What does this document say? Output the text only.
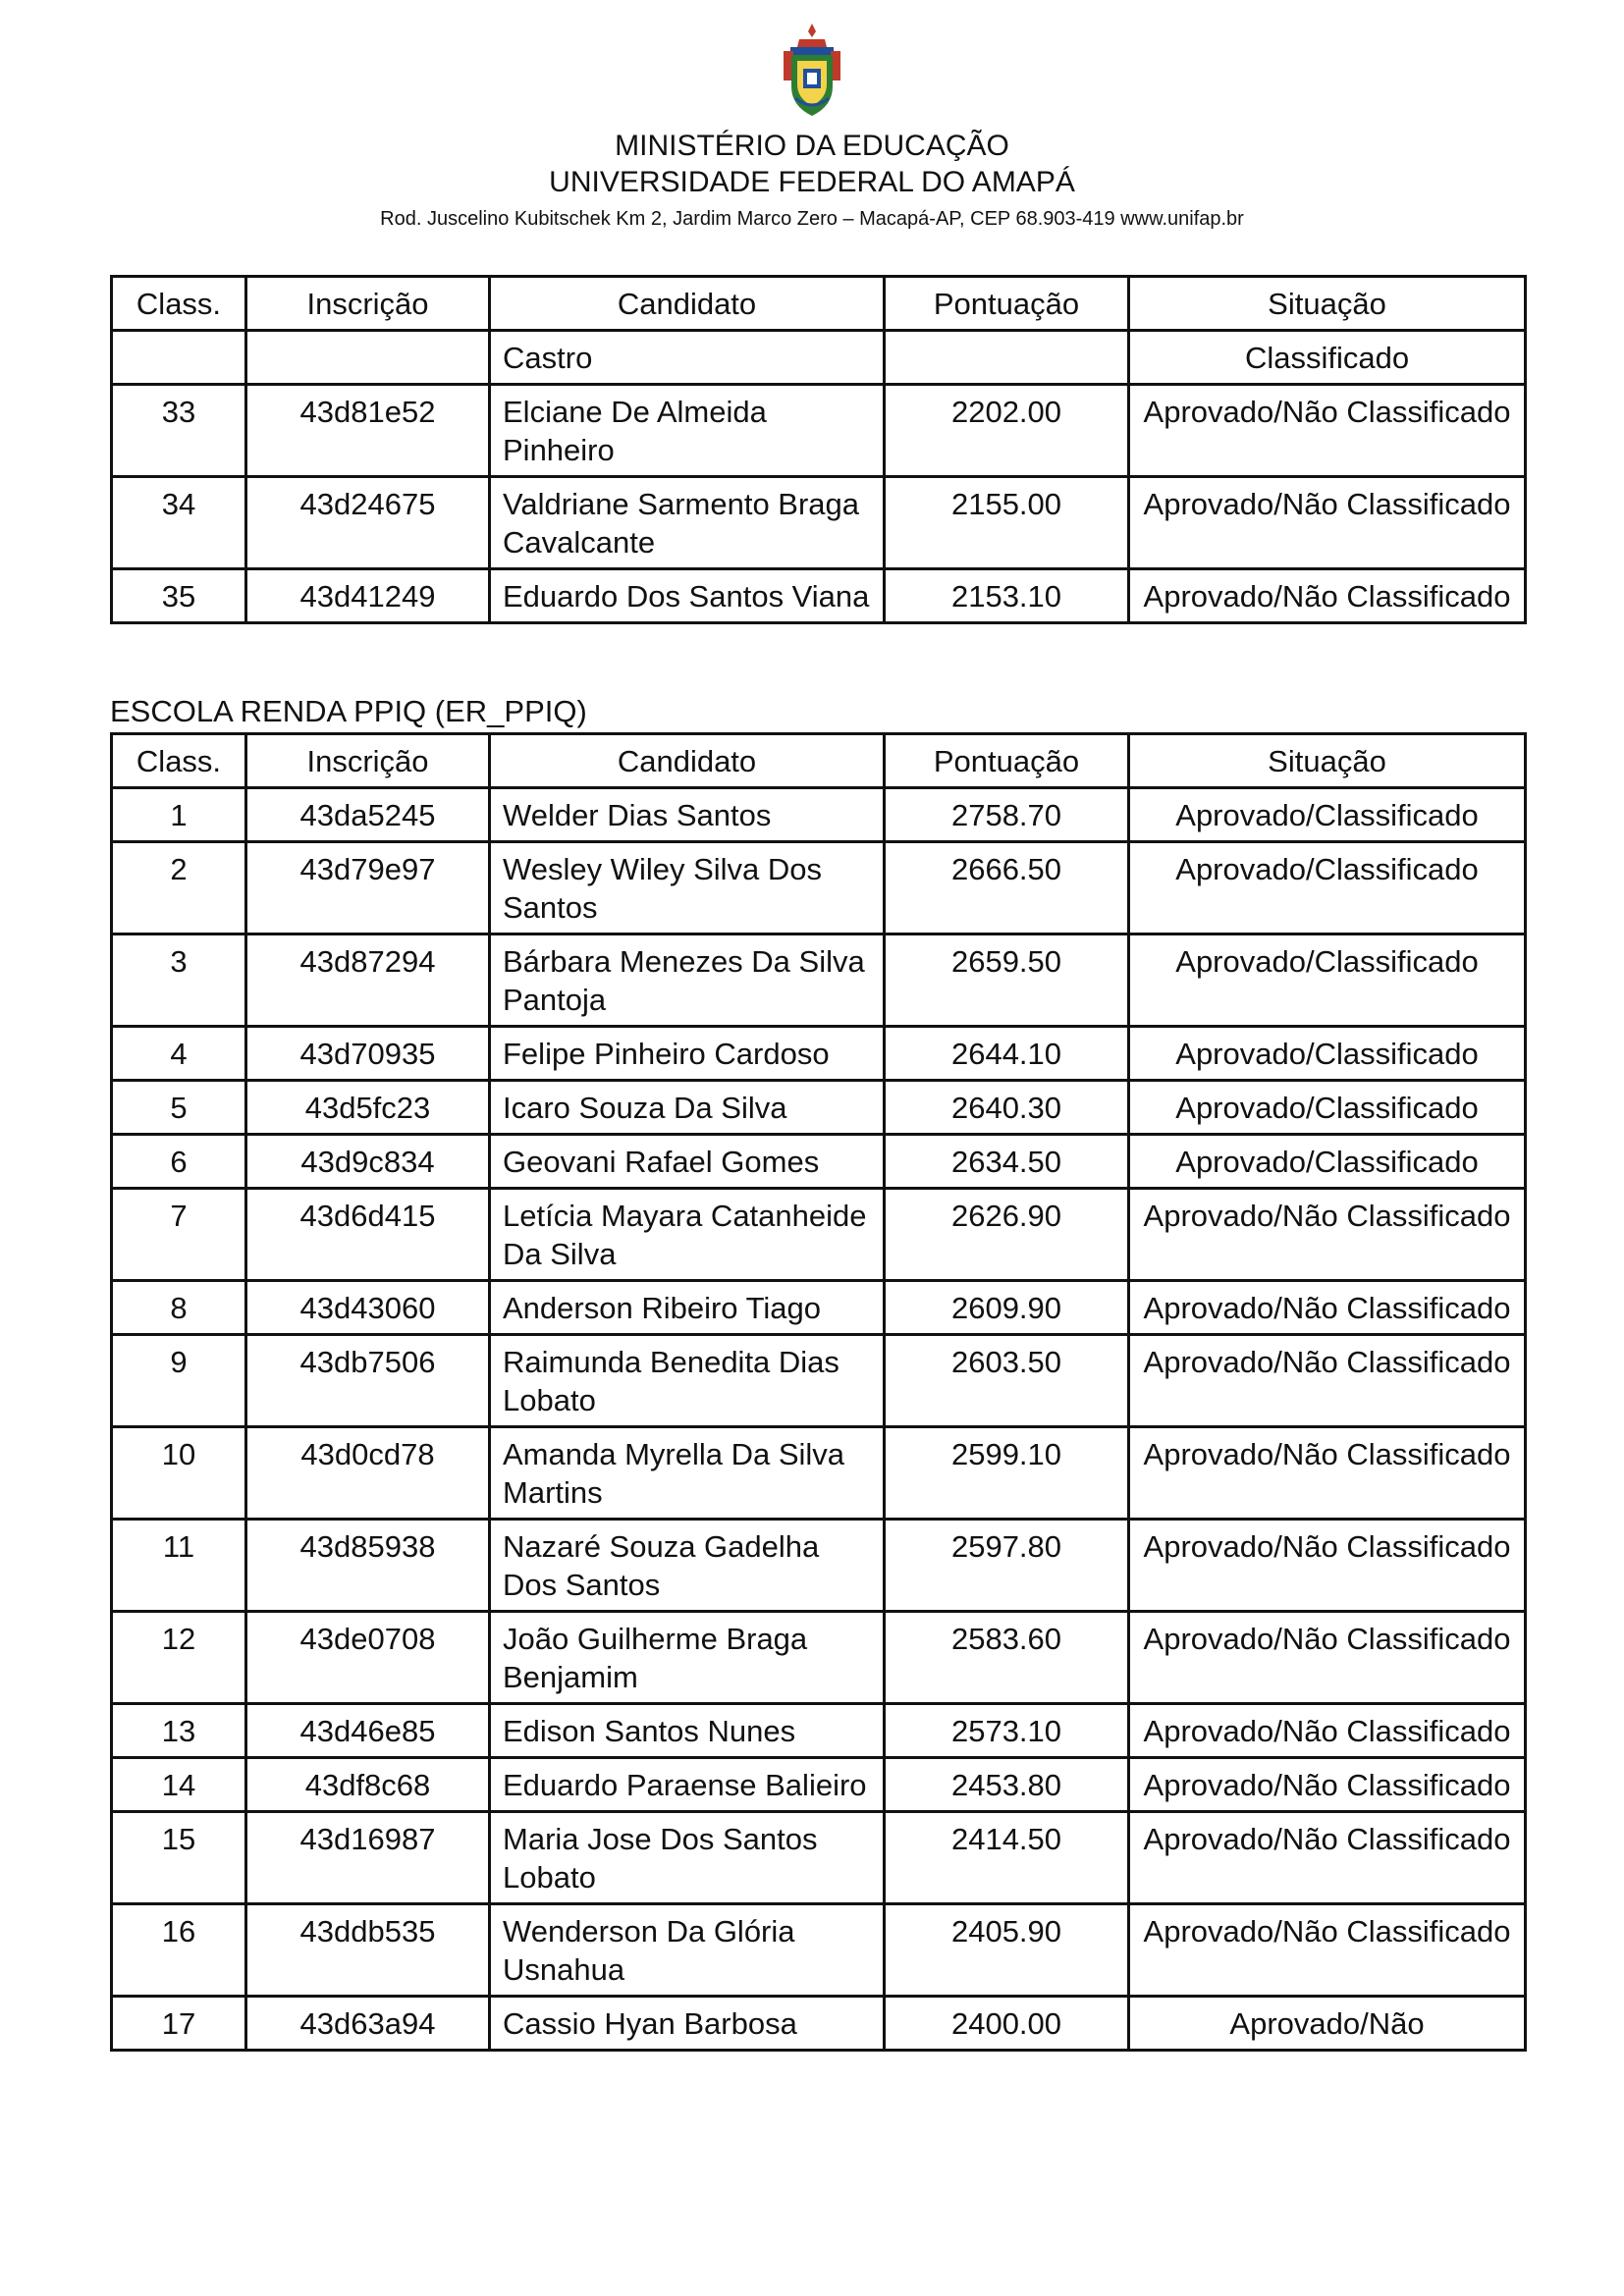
MINISTÉRIO DA EDUCAÇÃO
UNIVERSIDADE FEDERAL DO AMAPÁ
Rod. Juscelino Kubitschek Km 2, Jardim Marco Zero – Macapá-AP, CEP 68.903-419 www.unifap.br
Class.	Inscrição	Candidato	Pontuação	Situação
		Castro		Classificado
33	43d81e52	Elciane De Almeida Pinheiro	2202.00	Aprovado/Não Classificado
34	43d24675	Valdriane Sarmento Braga Cavalcante	2155.00	Aprovado/Não Classificado
35	43d41249	Eduardo Dos Santos Viana	2153.10	Aprovado/Não Classificado
ESCOLA RENDA PPIQ (ER_PPIQ)
Class.	Inscrição	Candidato	Pontuação	Situação
1	43da5245	Welder Dias Santos	2758.70	Aprovado/Classificado
2	43d79e97	Wesley Wiley Silva Dos Santos	2666.50	Aprovado/Classificado
3	43d87294	Bárbara Menezes Da Silva Pantoja	2659.50	Aprovado/Classificado
4	43d70935	Felipe Pinheiro Cardoso	2644.10	Aprovado/Classificado
5	43d5fc23	Icaro Souza Da Silva	2640.30	Aprovado/Classificado
6	43d9c834	Geovani Rafael Gomes	2634.50	Aprovado/Classificado
7	43d6d415	Letícia Mayara Catanheide Da Silva	2626.90	Aprovado/Não Classificado
8	43d43060	Anderson Ribeiro Tiago	2609.90	Aprovado/Não Classificado
9	43db7506	Raimunda Benedita Dias Lobato	2603.50	Aprovado/Não Classificado
10	43d0cd78	Amanda Myrella Da Silva Martins	2599.10	Aprovado/Não Classificado
11	43d85938	Nazaré Souza Gadelha Dos Santos	2597.80	Aprovado/Não Classificado
12	43de0708	João Guilherme Braga Benjamim	2583.60	Aprovado/Não Classificado
13	43d46e85	Edison Santos Nunes	2573.10	Aprovado/Não Classificado
14	43df8c68	Eduardo Paraense Balieiro	2453.80	Aprovado/Não Classificado
15	43d16987	Maria Jose Dos Santos Lobato	2414.50	Aprovado/Não Classificado
16	43ddb535	Wenderson Da Glória Usnahua	2405.90	Aprovado/Não Classificado
17	43d63a94	Cassio Hyan Barbosa	2400.00	Aprovado/Não
